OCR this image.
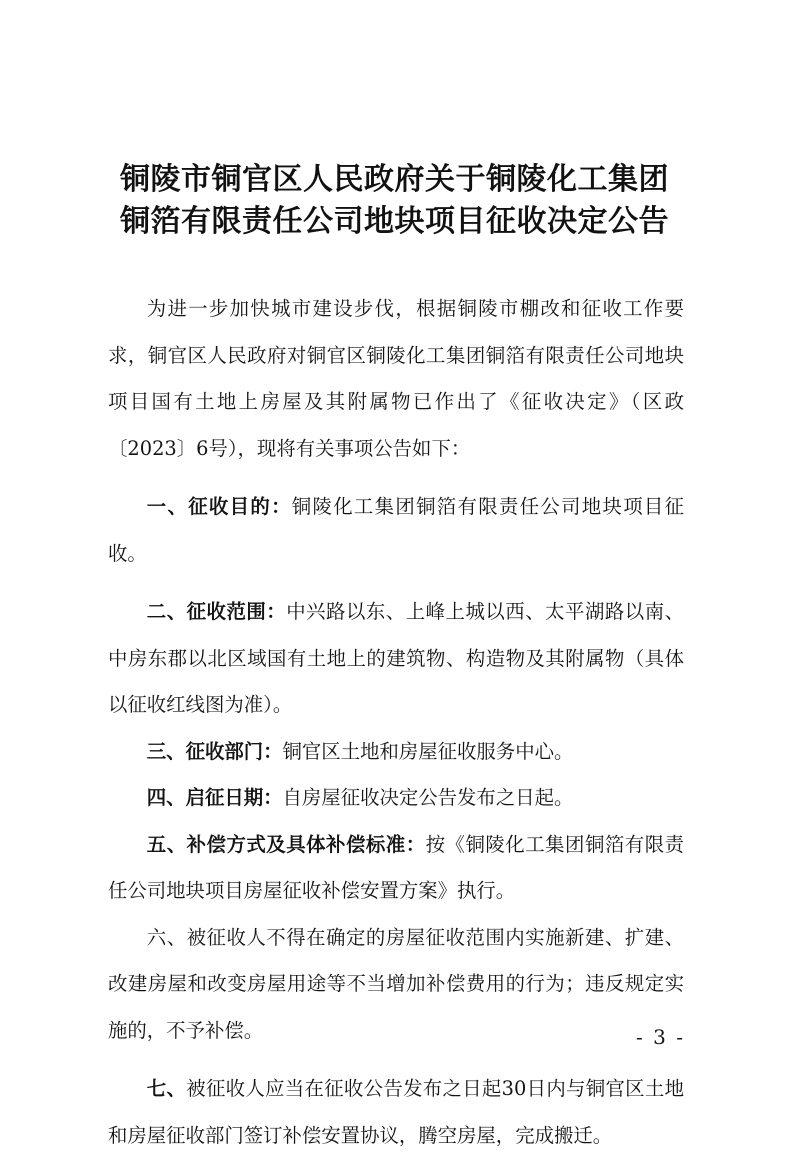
铜陵市铜官区人民政府关于铜陵化工集团
铜箔有限责任公司地块项目征收决定公告

为进一步加快城市建设步伐，根据铜陵市棚改和征收工作要求，铜官区人民政府对铜官区铜陵化工集团铜箔有限责任公司地块项目国有土地上房屋及其附属物已作出了《征收决定》（区政〔2023〕6号），现将有关事项公告如下：

一、征收目的：铜陵化工集团铜箔有限责任公司地块项目征收。

二、征收范围：中兴路以东、上峰上城以西、太平湖路以南、中房东郡以北区域国有土地上的建筑物、构造物及其附属物（具体以征收红线图为准）。

三、征收部门：铜官区土地和房屋征收服务中心。

四、启征日期：自房屋征收决定公告发布之日起。

五、补偿方式及具体补偿标准：按《铜陵化工集团铜箔有限责任公司地块项目房屋征收补偿安置方案》执行。

六、被征收人不得在确定的房屋征收范围内实施新建、扩建、改建房屋和改变房屋用途等不当增加补偿费用的行为；违反规定实施的，不予补偿。

七、被征收人应当在征收公告发布之日起30日内与铜官区土地和房屋征收部门签订补偿安置协议，腾空房屋，完成搬迁。

- 3 -
